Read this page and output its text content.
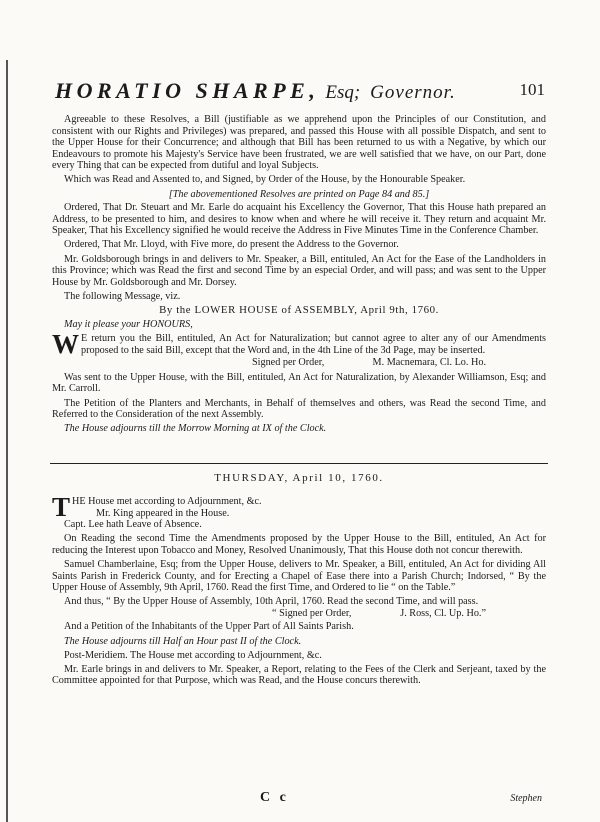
HORATIO SHARPE, Esq; Governor.	101

Agreeable to these Resolves, a Bill (justifiable as we apprehend upon the Principles of our Constitution, and consistent with our Rights and Privileges) was prepared, and passed this House with all possible Dispatch, and sent to the Upper House for their Concurrence; and although that Bill has been returned to us with a Negative, by which our Endeavours to promote his Majesty's Service have been frustrated, we are well satisfied that we have, on our Part, done every Thing that can be expected from dutiful and loyal Subjects.

Which was Read and Assented to, and Signed, by Order of the House, by the Honourable Speaker.

[The abovementioned Resolves are printed on Page 84 and 85.]

Ordered, That Dr. Steuart and Mr. Earle do acquaint his Excellency the Governor, That this House hath prepared an Address, to be presented to him, and desires to know when and where he will receive it. They return and acquaint Mr. Speaker, That his Excellency signified he would receive the Address in Five Minutes Time in the Conference Chamber.

Ordered, That Mr. Lloyd, with Five more, do present the Address to the Governor.

Mr. Goldsborough brings in and delivers to Mr. Speaker, a Bill, entituled, An Act for the Ease of the Landholders in this Province; which was Read the first and second Time by an especial Order, and will pass; and was sent to the Upper House by Mr. Goldsborough and Mr. Dorsey.

The following Message, viz.

By the LOWER HOUSE of ASSEMBLY, April 9th, 1760.

May it please your HONOURS,

W E return you the Bill, entituled, An Act for Naturalization; but cannot agree to alter any of our Amendments proposed to the said Bill, except that the Word and, in the 4th Line of the 3d Page, may be inserted.
Signed per Order,	M. Macnemara, Cl. Lo. Ho.

Was sent to the Upper House, with the Bill, entituled, An Act for Naturalization, by Alexander Williamson, Esq; and Mr. Carroll.

The Petition of the Planters and Merchants, in Behalf of themselves and others, was Read the second Time, and Referred to the Consideration of the next Assembly.

The House adjourns till the Morrow Morning at IX of the Clock.

THURSDAY, April 10, 1760.
T HE House met according to Adjournment, &c.
Mr. King appeared in the House.

Capt. Lee hath Leave of Absence.

On Reading the second Time the Amendments proposed by the Upper House to the Bill, entituled, An Act for reducing the Interest upon Tobacco and Money, Resolved Unanimously, That this House doth not concur therewith.

Samuel Chamberlaine, Esq; from the Upper House, delivers to Mr. Speaker, a Bill, entituled, An Act for dividing All Saints Parish in Frederick County, and for Erecting a Chapel of Ease there into a Parish Church; Indorsed, “ By the Upper House of Assembly, 9th April, 1760. Read the first Time, and Ordered to lie “ on the Table.”

And thus, “ By the Upper House of Assembly, 10th April, 1760. Read the second Time, and will pass.

“ Signed per Order,	J. Ross, Cl. Up. Ho.”

And a Petition of the Inhabitants of the Upper Part of All Saints Parish.

The House adjourns till Half an Hour past II of the Clock.

Post-Meridiem. The House met according to Adjournment, &c.

Mr. Earle brings in and delivers to Mr. Speaker, a Report, relating to the Fees of the Clerk and Serjeant, taxed by the Committee appointed for that Purpose, which was Read, and the House concurs therewith.

C c	Stephen
